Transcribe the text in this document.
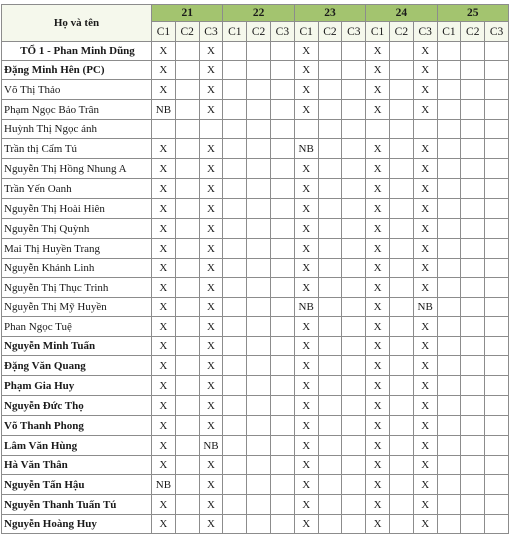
Họ và tên	21			22			23			24			25		
	C1	C2	C3	C1	C2	C3	C1	C2	C3	C1	C2	C3	C1	C2	C3
TỔ 1 - Phan Minh Dũng	X		X				X			X		X			
Đặng Minh Hên (PC)	X		X				X			X		X			
Võ Thị Thảo	X		X				X			X		X			
Phạm Ngọc Bảo Trân	NB		X				X			X		X			
Huỳnh Thị Ngọc ánh															
Trần thị Cẩm Tú	X		X				NB			X		X			
Nguyễn Thị Hồng Nhung A	X		X				X			X		X			
Trần Yến Oanh	X		X				X			X		X			
Nguyễn Thị Hoài Hiên	X		X				X			X		X			
Nguyễn Thị Quỳnh	X		X				X			X		X			
Mai Thị Huyền Trang	X		X				X			X		X			
Nguyễn Khánh Linh	X		X				X			X		X			
Nguyễn Thị Thục Trinh	X		X				X			X		X			
Nguyễn Thị Mỹ Huyền	X		X				NB			X		NB			
Phan Ngọc Tuệ	X		X				X			X		X			
Nguyễn Minh Tuấn	X		X				X			X		X			
Đặng Văn Quang	X		X				X			X		X			
Phạm Gia Huy	X		X				X			X		X			
Nguyễn Đức Thọ	X		X				X			X		X			
Võ Thanh Phong	X		X				X			X		X			
Lâm Văn Hùng	X		NB				X			X		X			
Hà Văn Thân	X		X				X			X		X			
Nguyễn Tấn Hậu	NB		X				X			X		X			
Nguyễn Thanh Tuấn Tú	X		X				X			X		X			
Nguyễn Hoàng Huy	X		X				X			X		X			
